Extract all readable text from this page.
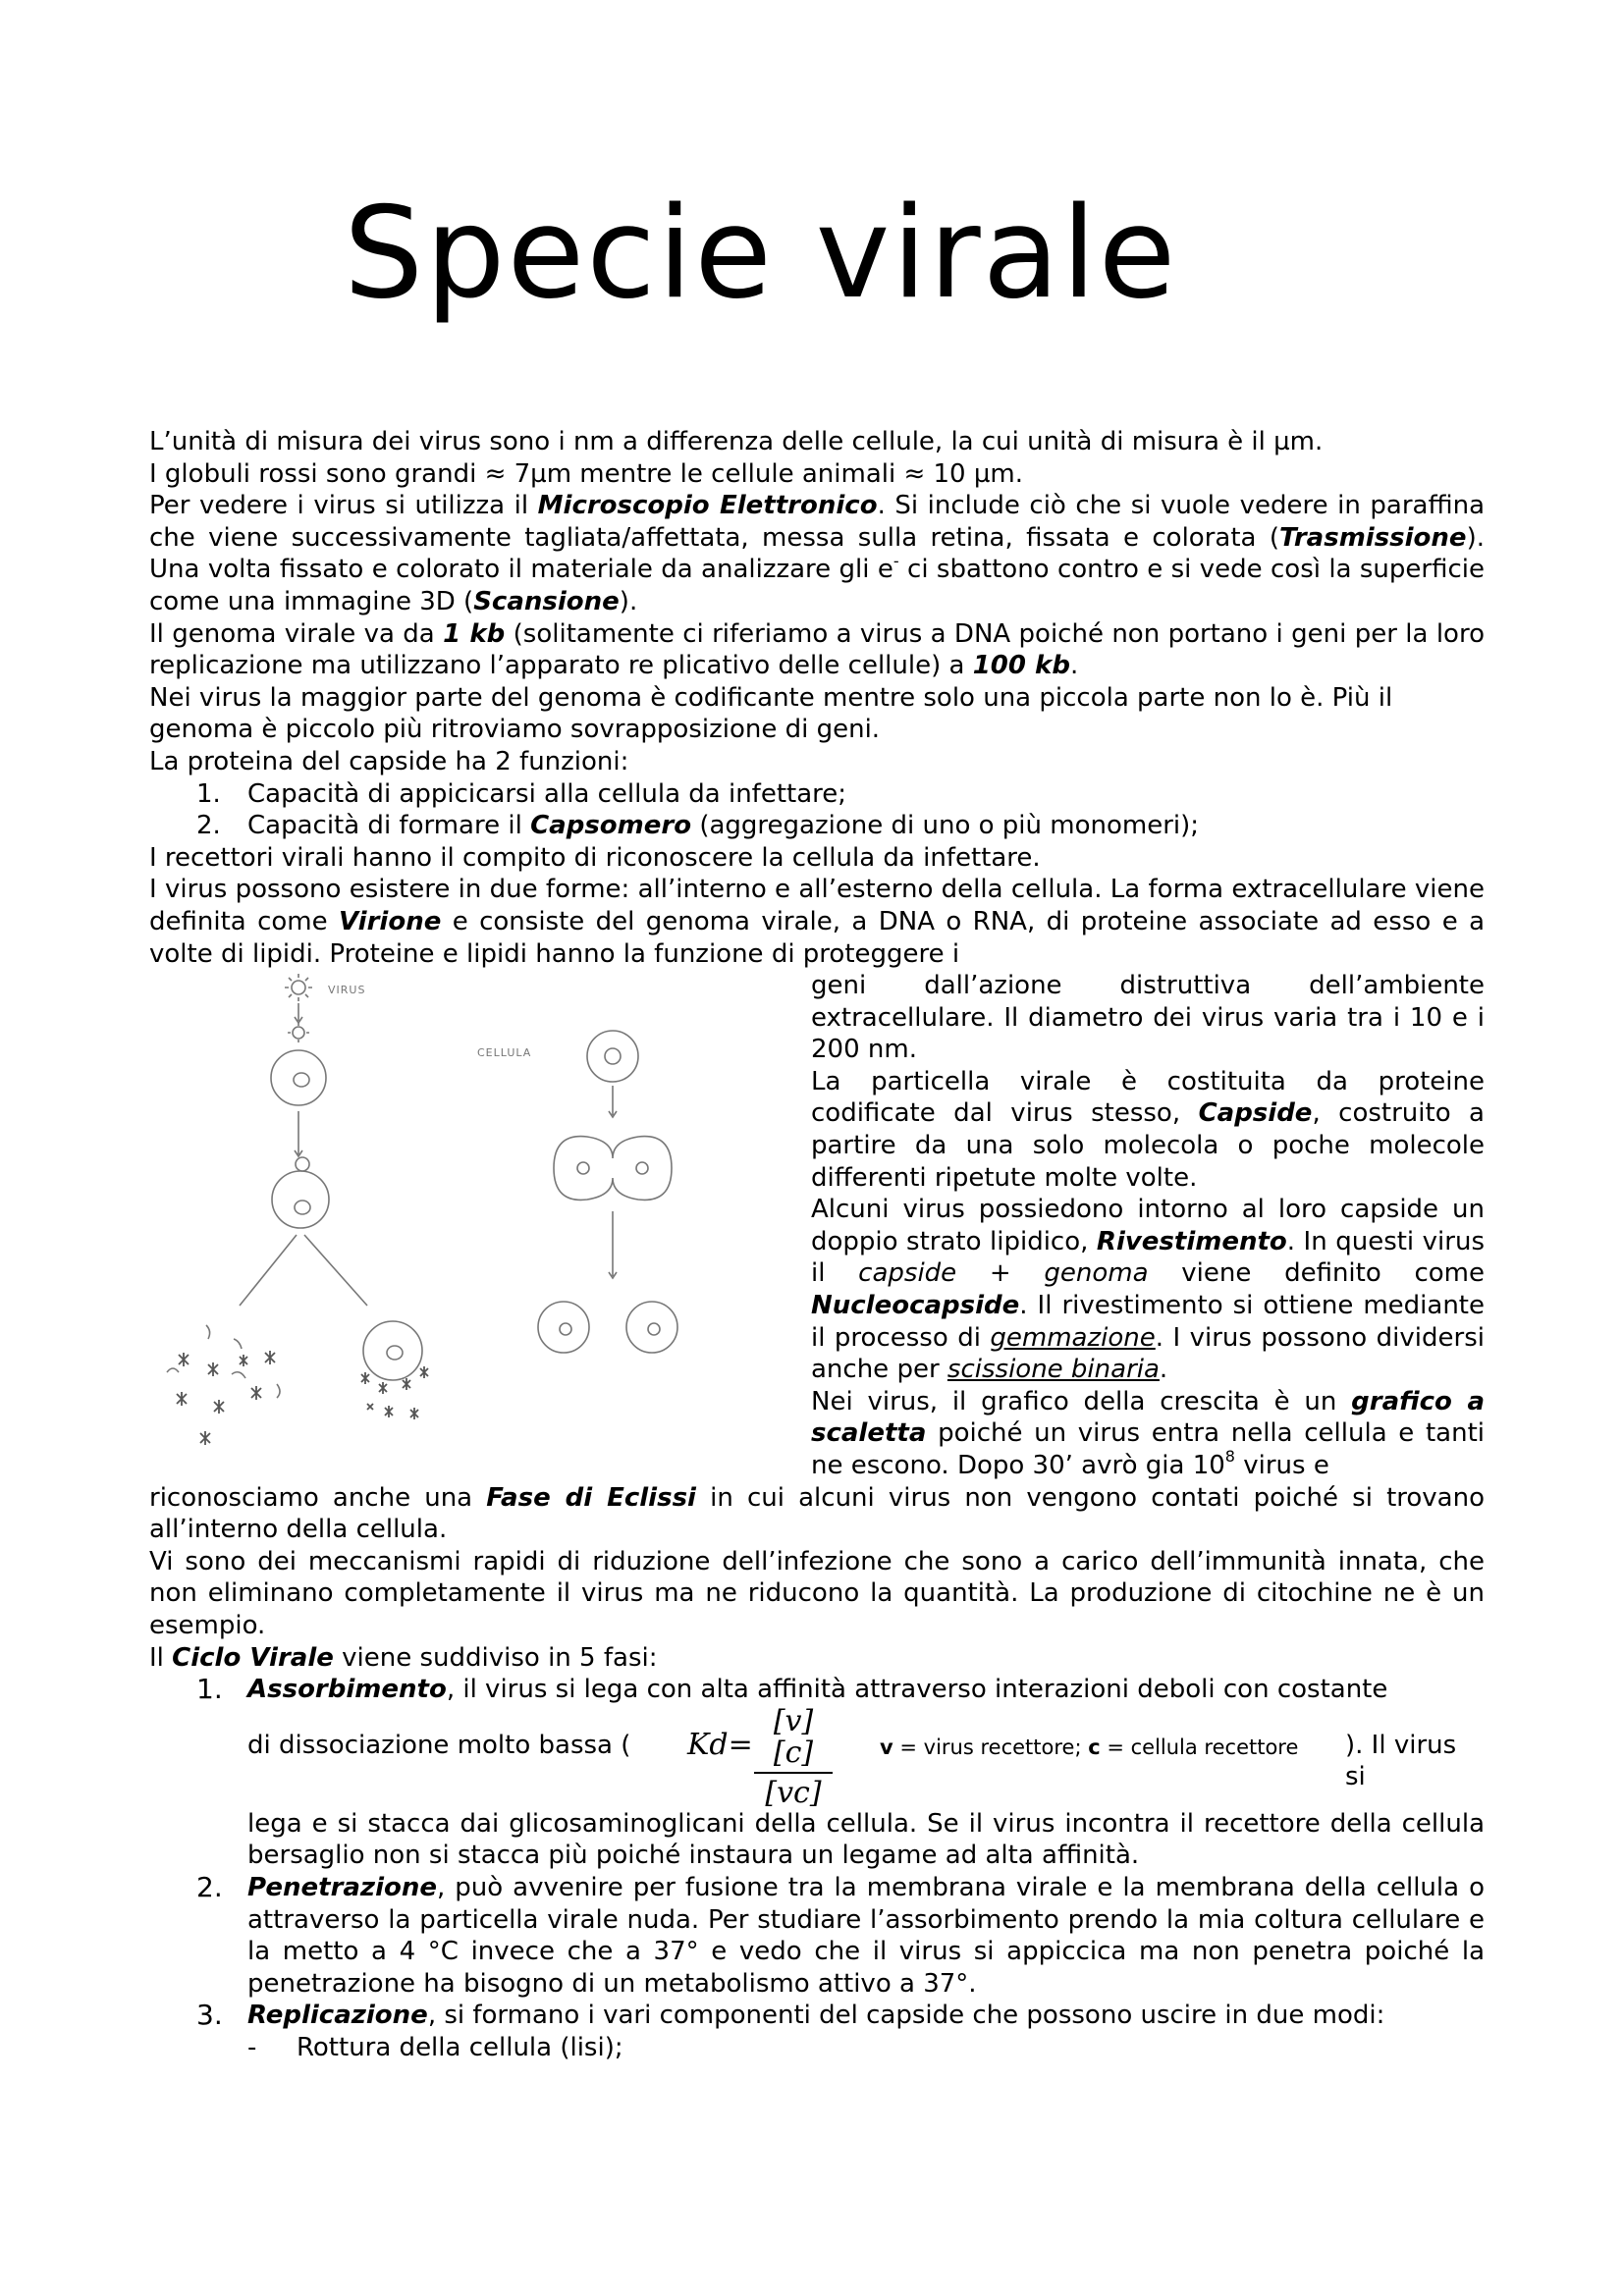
Specie virale

L’unità di misura dei virus sono i nm a differenza delle cellule, la cui unità di misura è il µm.

I globuli rossi sono grandi ≈ 7µm mentre le cellule animali ≈ 10 µm.

Per vedere i virus si utilizza il Microscopio Elettronico. Si include ciò che si vuole vedere in paraffina che viene successivamente tagliata/affettata, messa sulla retina, fissata e colorata (Trasmissione). Una volta fissato e colorato il materiale da analizzare gli e- ci sbattono contro e si vede così la superficie come una immagine 3D (Scansione).

Il genoma virale va da 1 kb (solitamente ci riferiamo a virus a DNA poiché non portano i geni per la loro replicazione ma utilizzano l’apparato re plicativo delle cellule) a 100 kb.

Nei virus la maggior parte del genoma è codificante mentre solo una piccola parte non lo è. Più il genoma è piccolo più ritroviamo sovrapposizione di geni.

La proteina del capside ha 2 funzioni:

1. Capacità di appicicarsi alla cellula da infettare;
2. Capacità di formare il Capsomero (aggregazione di uno o più monomeri);

I recettori virali hanno il compito di riconoscere la cellula da infettare.

I virus possono esistere in due forme: all’interno e all’esterno della cellula. La forma extracellulare viene definita come Virione e consiste del genoma virale, a DNA o RNA, di proteine associate ad esso e a volte di lipidi. Proteine e lipidi hanno la funzione di proteggere i

VIRUS
CELLULA

geni dall’azione distruttiva dell’ambiente extracellulare. Il diametro dei virus varia tra i 10 e i 200 nm.

La particella virale è costituita da proteine codificate dal virus stesso, Capside, costruito a partire da una solo molecola o poche molecole differenti ripetute molte volte.

Alcuni virus possiedono intorno al loro capside un doppio strato lipidico, Rivestimento. In questi virus il capside + genoma viene definito come Nucleocapside. Il rivestimento si ottiene mediante il processo di gemmazione. I virus possono dividersi anche per scissione binaria.

Nei virus, il grafico della crescita è un grafico a scaletta poiché un virus entra nella cellula e tanti ne escono. Dopo 30’ avrò gia $10^8$ virus e

riconosciamo anche una Fase di Eclissi in cui alcuni virus non vengono contati poiché si trovano all’interno della cellula.

Vi sono dei meccanismi rapidi di riduzione dell’infezione che sono a carico dell’immunità innata, che non eliminano completamente il virus ma ne riducono la quantità. La produzione di citochine ne è un esempio.

Il Ciclo Virale viene suddiviso in 5 fasi:

1. Assorbimento, il virus si lega con alta affinità attraverso interazioni deboli con costante
di dissociazione molto bassa ( $Kd= \frac{[v][c]}{[vc]}$ v = virus recettore; c = cellula recettore ). Il virus si

lega e si stacca dai glicosaminoglicani della cellula. Se il virus incontra il recettore della cellula bersaglio non si stacca più poiché instaura un legame ad alta affinità.

2. Penetrazione, può avvenire per fusione tra la membrana virale e la membrana della cellula o attraverso la particella virale nuda. Per studiare l’assorbimento prendo la mia coltura cellulare e la metto a 4 °C invece che a 37° e vedo che il virus si appiccica ma non penetra poiché la penetrazione ha bisogno di un metabolismo attivo a 37°.
3. Replicazione, si formano i vari componenti del capside che possono uscire in due modi:
- Rottura della cellula (lisi);
